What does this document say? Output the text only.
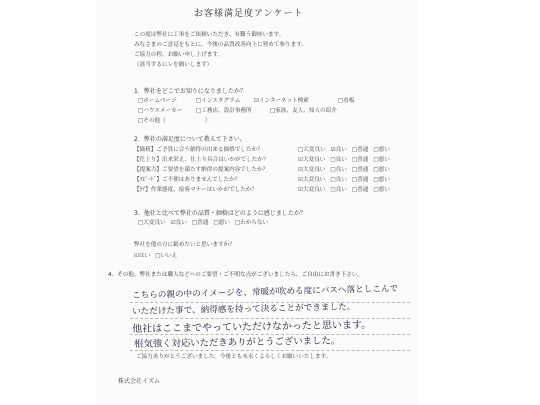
お客様満足度アンケート
この度は弊社に工事をご依頼いただき、有難う御座います。
みなさまのご意見をもとに、今後の品質改善向上に努めて参ります。
ご協力の程、お願い申し上げます。
（該当するにレを願いします）
1．弊社をどこでお知りになりましたか？
□ホームページ	□インスタグラム ☑インターネット検索	□看板
□ハウスメーカー □工務店、設計事務所	□家族、友人、知人の紹介
□その他（　　　　　　　）
2．弊社の満足度について教えて下さい。
【価格】ご予算に合う納得の出来る価格でしたか？	□大変良い ☑良い □普通 □悪い
【仕上り】出来栄え、仕上り具合はいかがでしたか？	☑大変良い □良い □普通 □悪い
【提案力】ご要望を満たす納得の提案内容でしたか？	☑大変良い □良い □普通 □悪い
【ｽﾋﾟｰﾄﾞ】ご不便はありませんでしたか？	☑大変良い □良い □普通 □悪い
【ｹｱ】作業態度、接客マナーはいかがでしたか？	☑大変良い □良い □普通 □悪い
3．他社と比べて弊社の品質・価格はどのように感じましたか？
□大変良い ☑良い □普通 □悪い □わからない
弊社を他の方に勧めたいと思いますか？
☑はい □いいえ
4．その他、弊社または職人などへのご要望・ご不明な点がございましたら、ご自由にお書き下さい。
こちらの親の中のイメージを、常暖が吹める度にパスへ落としこんで
いただけた事で、納得感を持って決ることができました。
他社はここまでやっていただけなかったと思います。
根気強く対応いただきありがとうございました。
ご協力ありがとうございました。今後とも末永くよろしくお願いいたします。
株式会社イズム
